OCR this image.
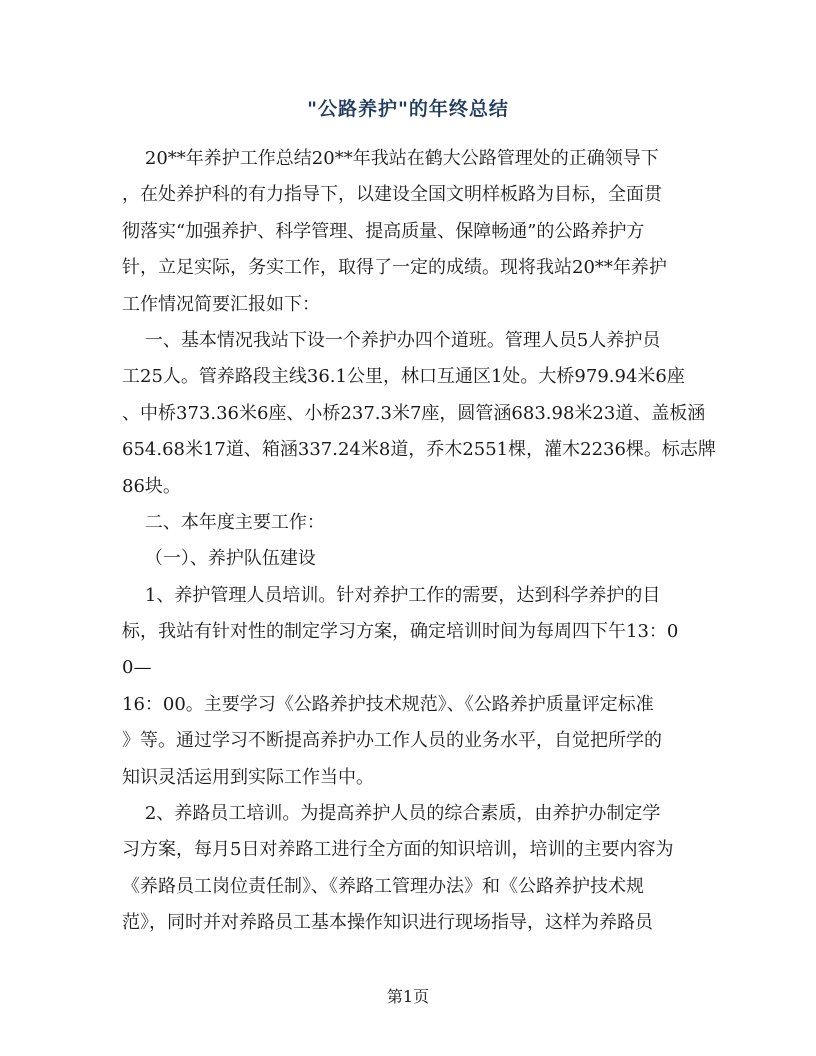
"公路养护"的年终总结
20**年养护工作总结20**年我站在鹤大公路管理处的正确领导下
，在处养护科的有力指导下，以建设全国文明样板路为目标，全面贯
彻落实“加强养护、科学管理、提高质量、保障畅通”的公路养护方
针，立足实际，务实工作，取得了一定的成绩。现将我站20**年养护
工作情况简要汇报如下：
一、基本情况我站下设一个养护办四个道班。管理人员5人养护员
工25人。管养路段主线36.1公里，林口互通区1处。大桥979.94米6座
、中桥373.36米6座、小桥237.3米7座，圆管涵683.98米23道、盖板涵
654.68米17道、箱涵337.24米8道，乔木2551棵，灌木2236棵。标志牌
86块。
二、本年度主要工作：
（一）、养护队伍建设
1、养护管理人员培训。针对养护工作的需要，达到科学养护的目
标，我站有针对性的制定学习方案，确定培训时间为每周四下午13：0
0—
16：00。主要学习《公路养护技术规范》、《公路养护质量评定标准
》等。通过学习不断提高养护办工作人员的业务水平，自觉把所学的
知识灵活运用到实际工作当中。
2、养路员工培训。为提高养护人员的综合素质，由养护办制定学
习方案，每月5日对养路工进行全方面的知识培训，培训的主要内容为
《养路员工岗位责任制》、《养路工管理办法》和《公路养护技术规
范》，同时并对养路员工基本操作知识进行现场指导，这样为养路员
第1页
